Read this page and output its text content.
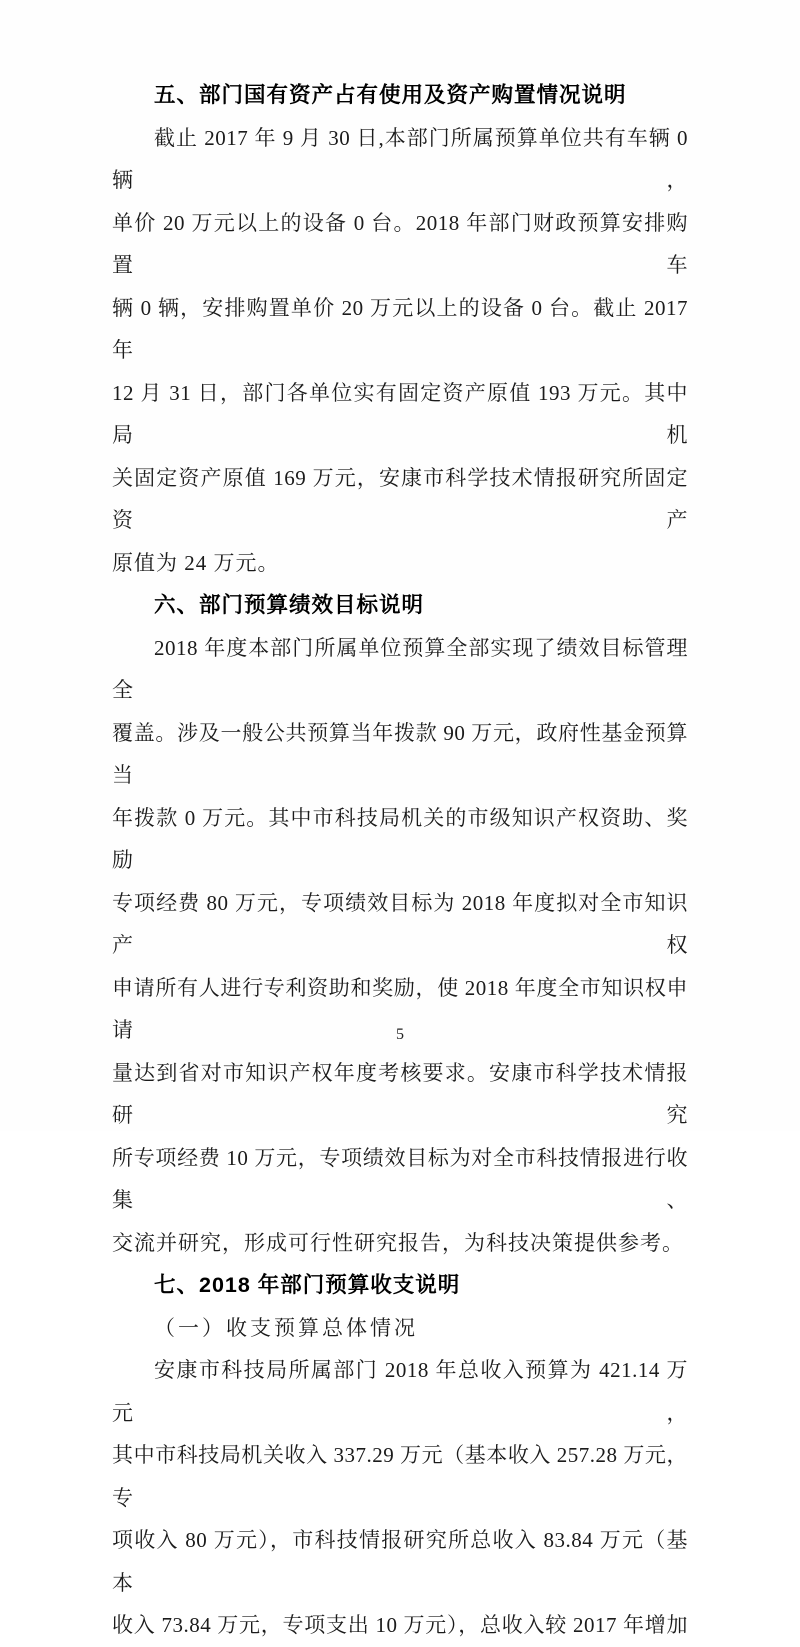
五、部门国有资产占有使用及资产购置情况说明
截止 2017 年 9 月 30 日,本部门所属预算单位共有车辆 0 辆，
单价 20 万元以上的设备 0 台。2018 年部门财政预算安排购置车
辆 0 辆，安排购置单价 20 万元以上的设备 0 台。截止 2017 年
12 月 31 日，部门各单位实有固定资产原值 193 万元。其中局机
关固定资产原值 169 万元，安康市科学技术情报研究所固定资产
原值为 24 万元。
六、部门预算绩效目标说明
2018 年度本部门所属单位预算全部实现了绩效目标管理全
覆盖。涉及一般公共预算当年拨款 90 万元，政府性基金预算当
年拨款 0 万元。其中市科技局机关的市级知识产权资助、奖励
专项经费 80 万元，专项绩效目标为 2018 年度拟对全市知识产权
申请所有人进行专利资助和奖励，使 2018 年度全市知识权申请
量达到省对市知识产权年度考核要求。安康市科学技术情报研究
所专项经费 10 万元，专项绩效目标为对全市科技情报进行收集、
交流并研究，形成可行性研究报告，为科技决策提供参考。
七、2018 年部门预算收支说明
（一）收支预算总体情况
安康市科技局所属部门 2018 年总收入预算为 421.14 万元，
其中市科技局机关收入 337.29 万元（基本收入 257.28 万元，专
项收入 80 万元），市科技情报研究所总收入 83.84 万元（基本
收入 73.84 万元，专项支出 10 万元），总收入较 2017 年增加
5
